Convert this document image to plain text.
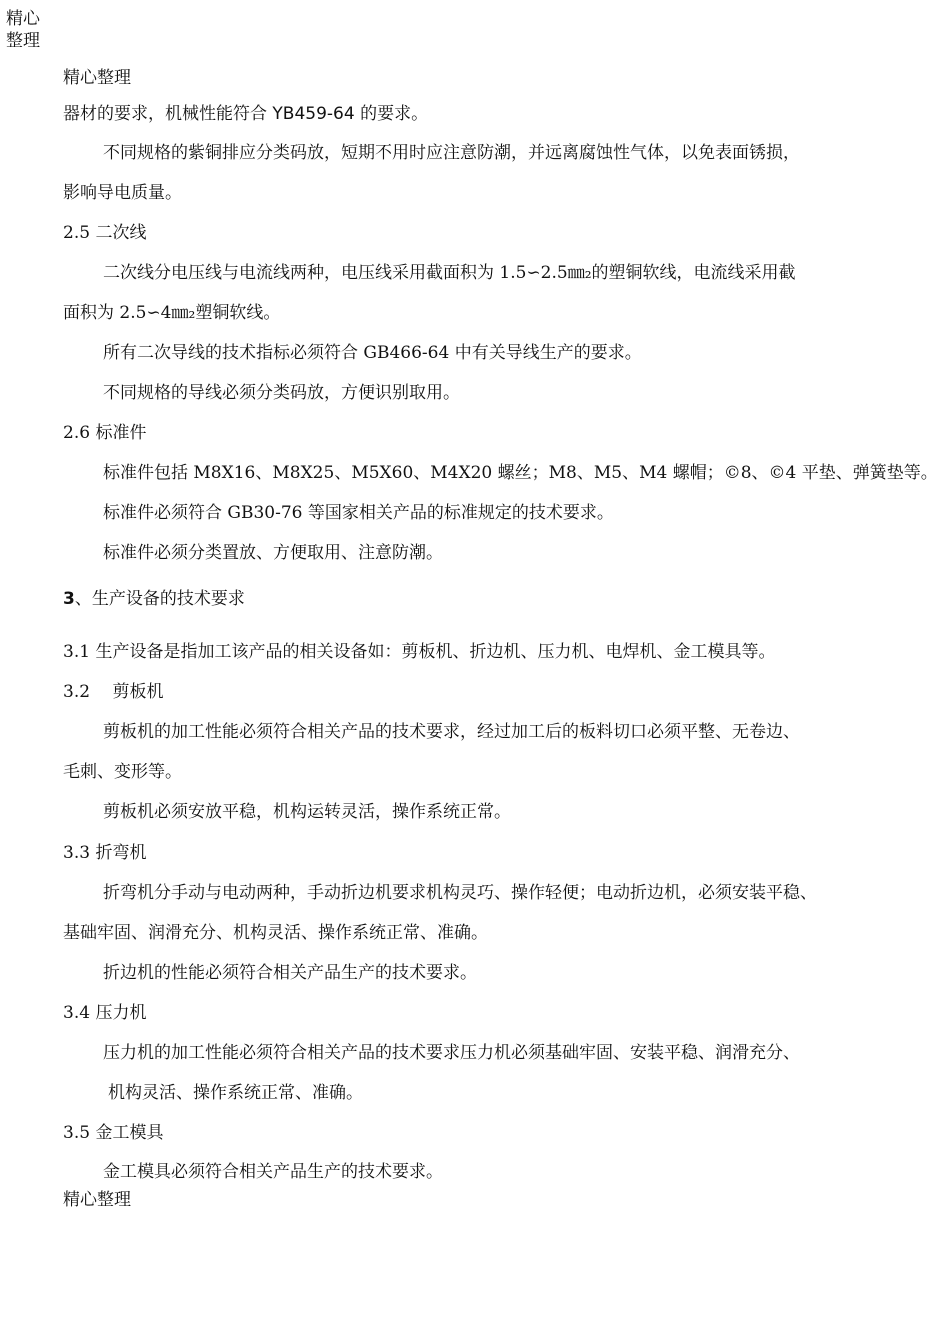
精心
整理
精心整理
器材的要求，机械性能符合 YB459-64 的要求。
不同规格的紫铜排应分类码放，短期不用时应注意防潮，并远离腐蚀性气体，以免表面锈损，
影响导电质量。
2.5 二次线
二次线分电压线与电流线两种，电压线采用截面积为 1.5∽2.5㎜₂的塑铜软线，电流线采用截
面积为 2.5∽4㎜₂塑铜软线。
所有二次导线的技术指标必须符合 GB466-64 中有关导线生产的要求。
不同规格的导线必须分类码放，方便识别取用。
2.6 标准件
标准件包括 M8X16、M8X25、M5X60、M4X20 螺丝；M8、M5、M4 螺帽；©8、©4 平垫、弹簧垫等。
标准件必须符合 GB30-76 等国家相关产品的标准规定的技术要求。
标准件必须分类置放、方便取用、注意防潮。
3、生产设备的技术要求
3.1 生产设备是指加工该产品的相关设备如：剪板机、折边机、压力机、电焊机、金工模具等。
3.2　 剪板机
剪板机的加工性能必须符合相关产品的技术要求，经过加工后的板料切口必须平整、无卷边、
毛刺、变形等。
剪板机必须安放平稳，机构运转灵活，操作系统正常。
3.3 折弯机
折弯机分手动与电动两种，手动折边机要求机构灵巧、操作轻便；电动折边机，必须安装平稳、
基础牢固、润滑充分、机构灵活、操作系统正常、准确。
折边机的性能必须符合相关产品生产的技术要求。
3.4 压力机
压力机的加工性能必须符合相关产品的技术要求压力机必须基础牢固、安装平稳、润滑充分、
机构灵活、操作系统正常、准确。
3.5 金工模具
金工模具必须符合相关产品生产的技术要求。
精心整理
